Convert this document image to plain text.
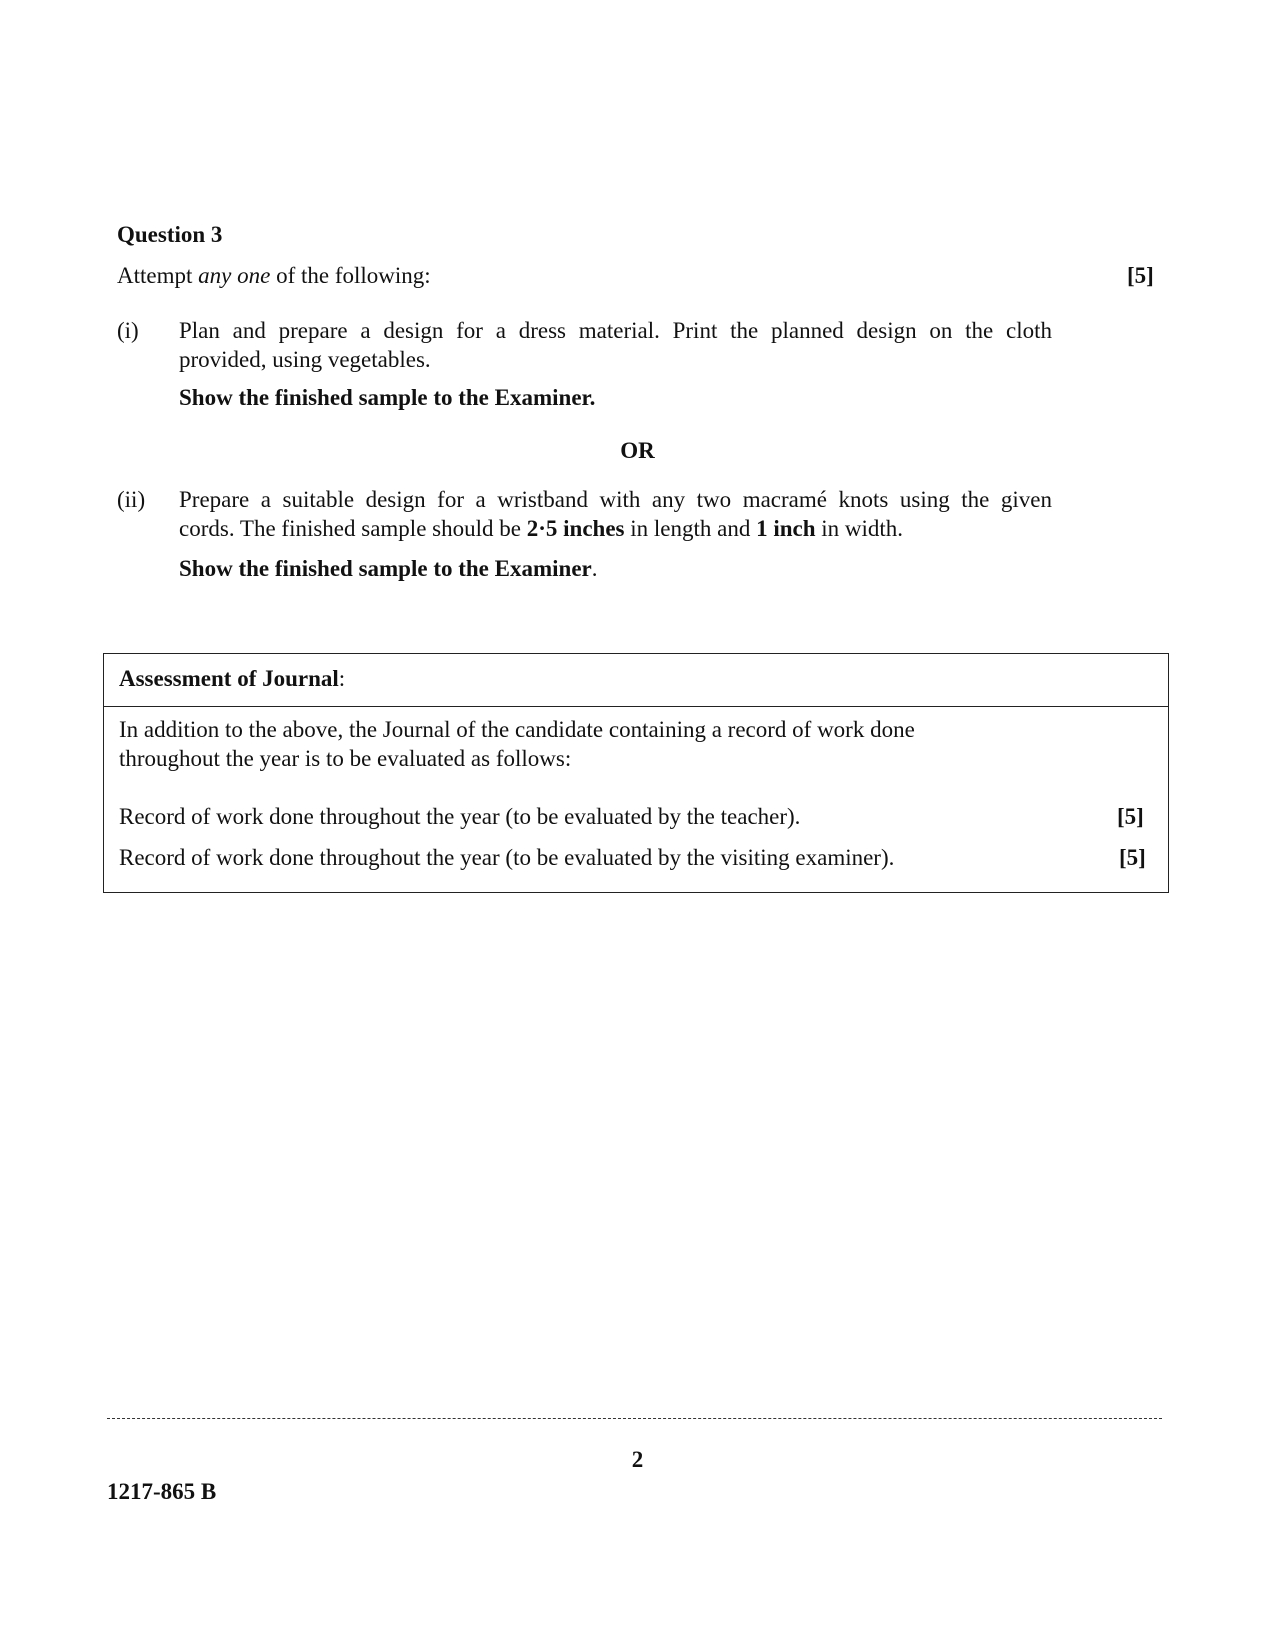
Question 3
Attempt any one of the following:	[5]
(i) Plan and prepare a design for a dress material. Print the planned design on the cloth

provided, using vegetables.

Show the finished sample to the Examiner.
OR
(ii) Prepare a suitable design for a wristband with any two macramé knots using the given

cords. The finished sample should be 2·5 inches in length and 1 inch in width.

Show the finished sample to the Examiner.
Assessment of Journal:
In addition to the above, the Journal of the candidate containing a record of work done
throughout the year is to be evaluated as follows:
Record of work done throughout the year (to be evaluated by the teacher).	[5]
Record of work done throughout the year (to be evaluated by the visiting examiner).	[5]
2
1217-865 B
